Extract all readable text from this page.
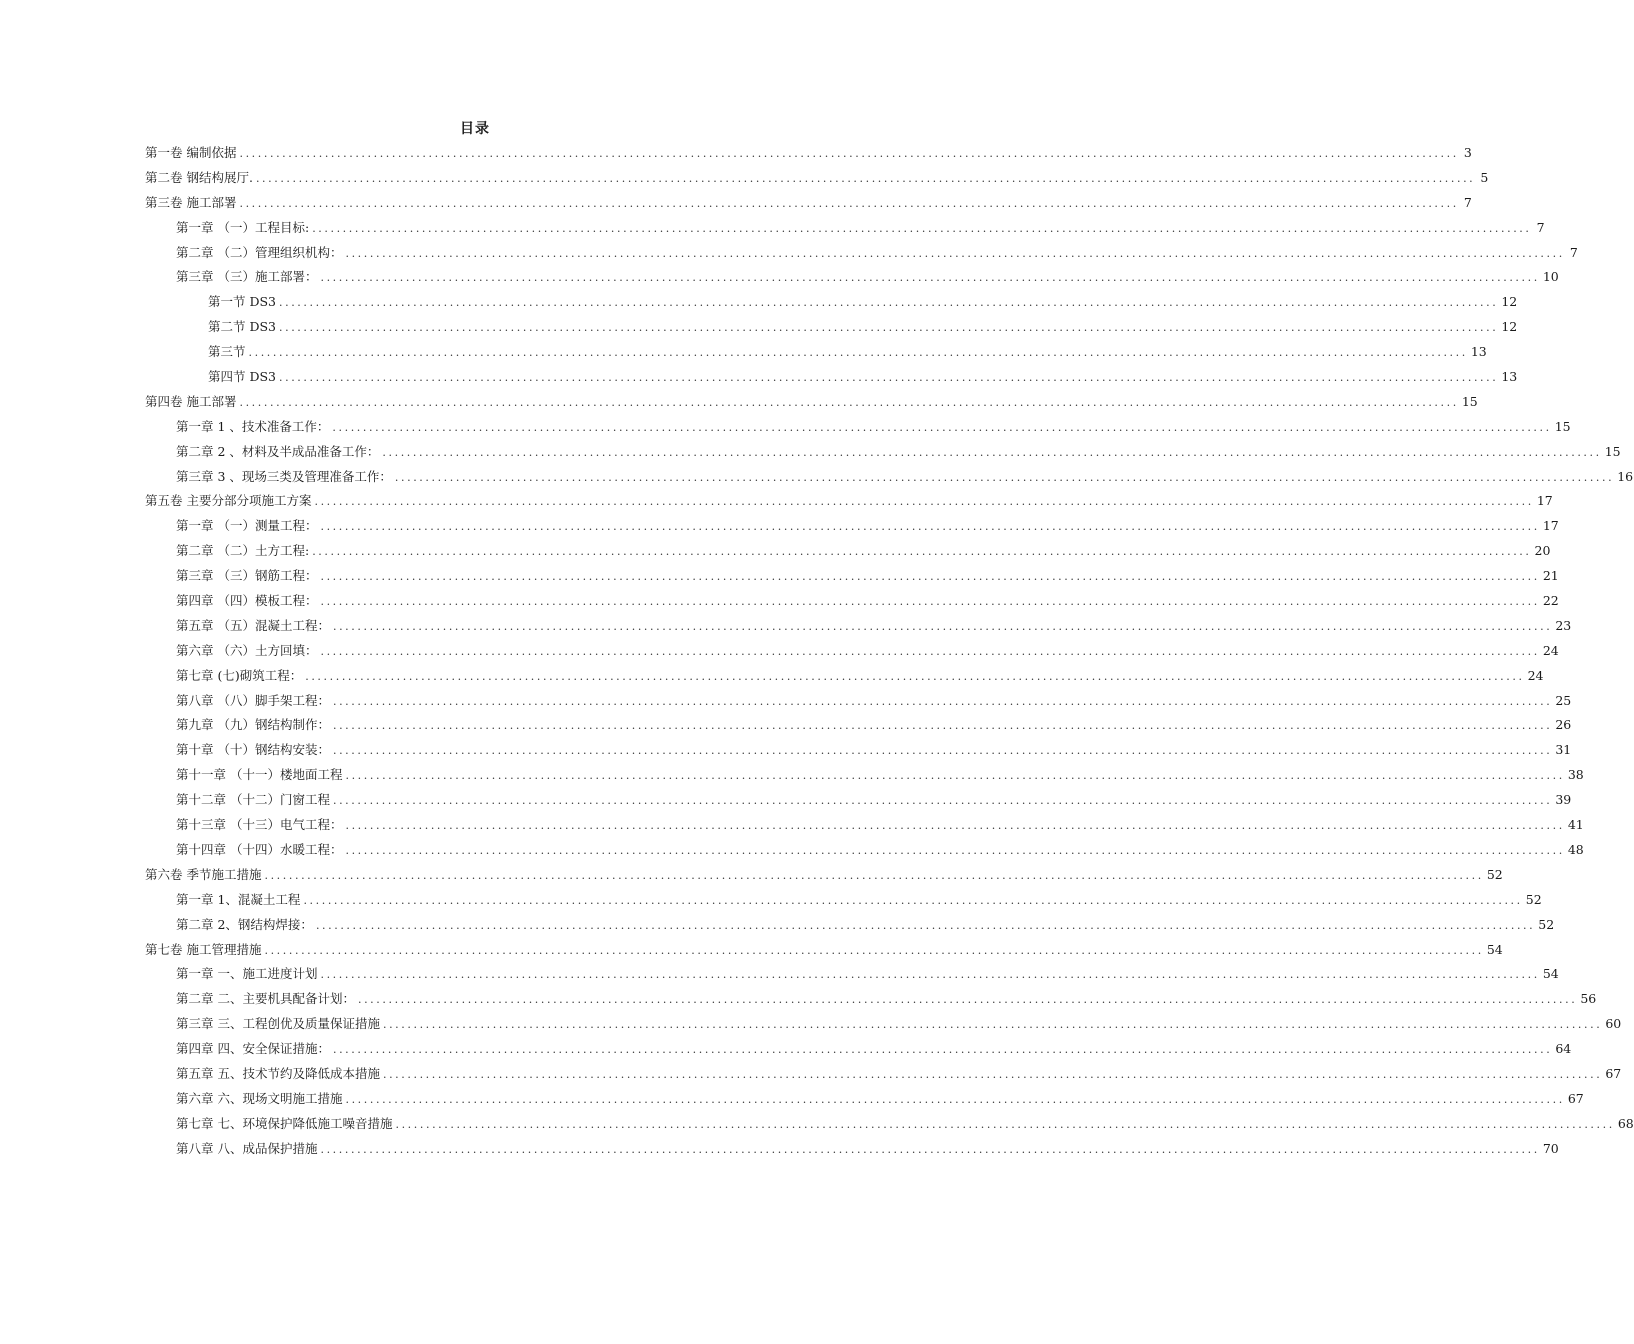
目录
第一卷 编制依据 ........................................................................................................................................................................................................ 3
第二卷 钢结构展厅. ........................................................................................................................................................................................................ 5
第三卷 施工部署 ........................................................................................................................................................................................................ 7
第一章 （一）工程目标: ........................................................................................................................................................................................................ 7
第二章 （二）管理组织机构： ........................................................................................................................................................................................................ 7
第三章 （三）施工部署： ........................................................................................................................................................................................................ 10
第一节 DS3 ........................................................................................................................................................................................................ 12
第二节 DS3 ........................................................................................................................................................................................................ 12
第三节 ........................................................................................................................................................................................................ 13
第四节 DS3 ........................................................................................................................................................................................................ 13
第四卷 施工部署 ........................................................................................................................................................................................................ 15
第一章 1 、技术准备工作： ........................................................................................................................................................................................................ 15
第二章 2 、材料及半成品准备工作： ........................................................................................................................................................................................................ 15
第三章 3 、现场三类及管理准备工作： ........................................................................................................................................................................................................ 16
第五卷 主要分部分项施工方案 ........................................................................................................................................................................................................ 17
第一章 （一）测量工程： ........................................................................................................................................................................................................ 17
第二章 （二）土方工程: ........................................................................................................................................................................................................ 20
第三章 （三）钢筋工程： ........................................................................................................................................................................................................ 21
第四章 （四）模板工程： ........................................................................................................................................................................................................ 22
第五章 （五）混凝土工程： ........................................................................................................................................................................................................ 23
第六章 （六）土方回填： ........................................................................................................................................................................................................ 24
第七章 (七)砌筑工程： ........................................................................................................................................................................................................ 24
第八章 （八）脚手架工程： ........................................................................................................................................................................................................ 25
第九章 （九）钢结构制作： ........................................................................................................................................................................................................ 26
第十章 （十）钢结构安装： ........................................................................................................................................................................................................ 31
第十一章 （十一）楼地面工程 ........................................................................................................................................................................................................ 38
第十二章 （十二）门窗工程 ........................................................................................................................................................................................................ 39
第十三章 （十三）电气工程： ........................................................................................................................................................................................................ 41
第十四章 （十四）水暖工程： ........................................................................................................................................................................................................ 48
第六卷 季节施工措施 ........................................................................................................................................................................................................ 52
第一章 1、混凝土工程 ........................................................................................................................................................................................................ 52
第二章 2、钢结构焊接： ........................................................................................................................................................................................................ 52
第七卷 施工管理措施 ........................................................................................................................................................................................................ 54
第一章 一、施工进度计划 ........................................................................................................................................................................................................ 54
第二章 二、主要机具配备计划： ........................................................................................................................................................................................................ 56
第三章 三、工程创优及质量保证措施 ........................................................................................................................................................................................................ 60
第四章 四、安全保证措施： ........................................................................................................................................................................................................ 64
第五章 五、技术节约及降低成本措施 ........................................................................................................................................................................................................ 67
第六章 六、现场文明施工措施 ........................................................................................................................................................................................................ 67
第七章 七、环境保护降低施工噪音措施 ........................................................................................................................................................................................................ 68
第八章 八、成品保护措施 ........................................................................................................................................................................................................ 70
